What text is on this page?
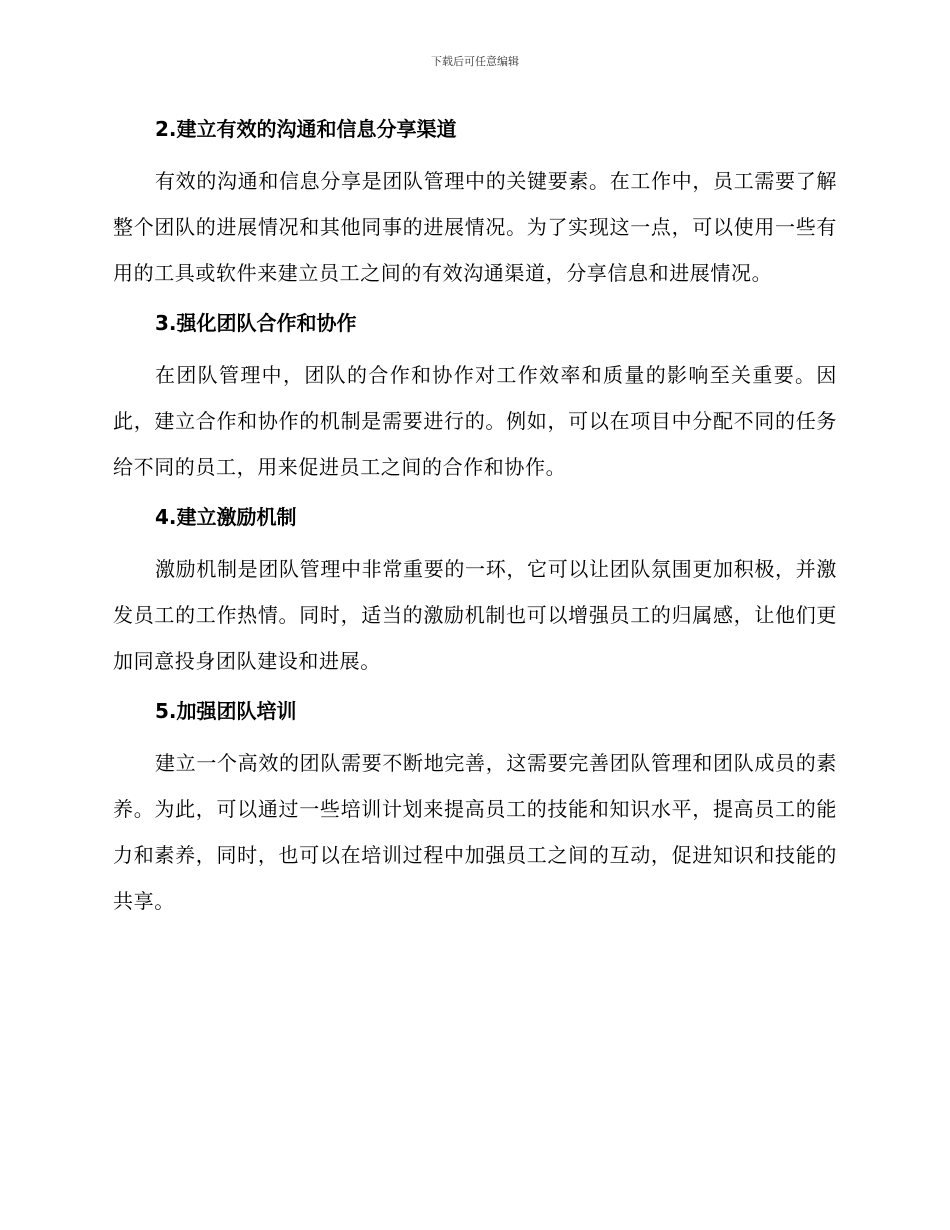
下载后可任意编辑
2.建立有效的沟通和信息分享渠道

有效的沟通和信息分享是团队管理中的关键要素。在工作中，员工需要了解整个团队的进展情况和其他同事的进展情况。为了实现这一点，可以使用一些有用的工具或软件来建立员工之间的有效沟通渠道，分享信息和进展情况。

3.强化团队合作和协作

在团队管理中，团队的合作和协作对工作效率和质量的影响至关重要。因此，建立合作和协作的机制是需要进行的。例如，可以在项目中分配不同的任务给不同的员工，用来促进员工之间的合作和协作。

4.建立激励机制

激励机制是团队管理中非常重要的一环，它可以让团队氛围更加积极，并激发员工的工作热情。同时，适当的激励机制也可以增强员工的归属感，让他们更加同意投身团队建设和进展。

5.加强团队培训

建立一个高效的团队需要不断地完善，这需要完善团队管理和团队成员的素养。为此，可以通过一些培训计划来提高员工的技能和知识水平，提高员工的能力和素养，同时，也可以在培训过程中加强员工之间的互动，促进知识和技能的共享。
